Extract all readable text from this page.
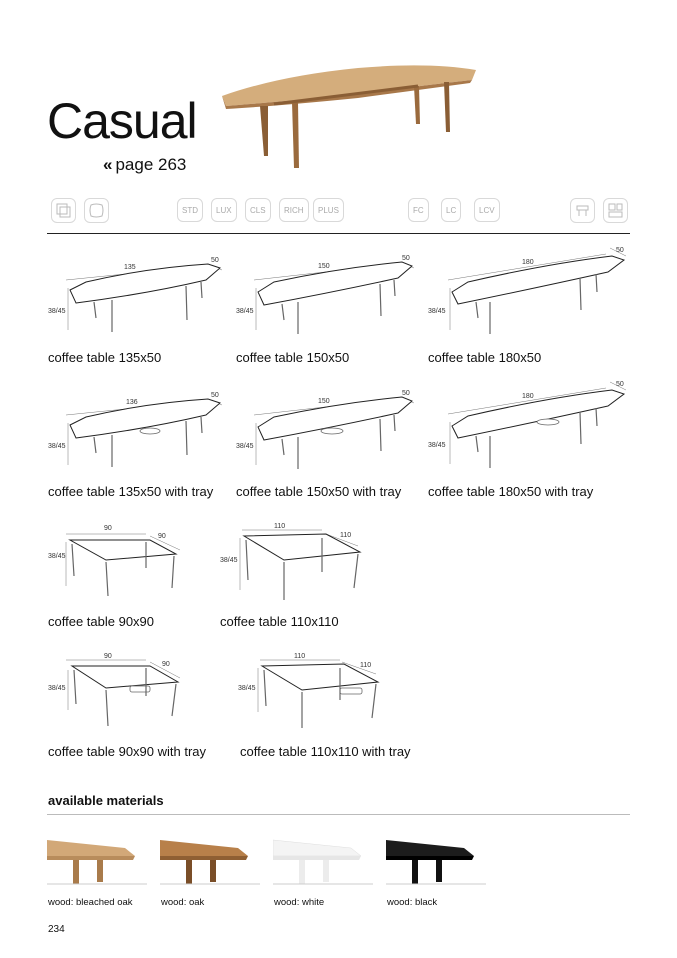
Casual
« page 263
STD	LUX	CLS	RICH	PLUS	FC	LC	LCV
135
50
38/45
coffee table 135x50
150
50
38/45
coffee table 150x50
180
50
38/45
coffee table 180x50
136
50
38/45
coffee table 135x50 with tray
150
50
38/45
coffee table 150x50 with tray
180
50
38/45
coffee table 180x50 with tray
90
90
38/45
coffee table 90x90
110
110
38/45
coffee table 110x110
90
90
38/45
coffee table 90x90 with tray
110
110
38/45
coffee table 110x110 with tray
available materials
wood: bleached oak	wood: oak	wood: white	wood: black
234
